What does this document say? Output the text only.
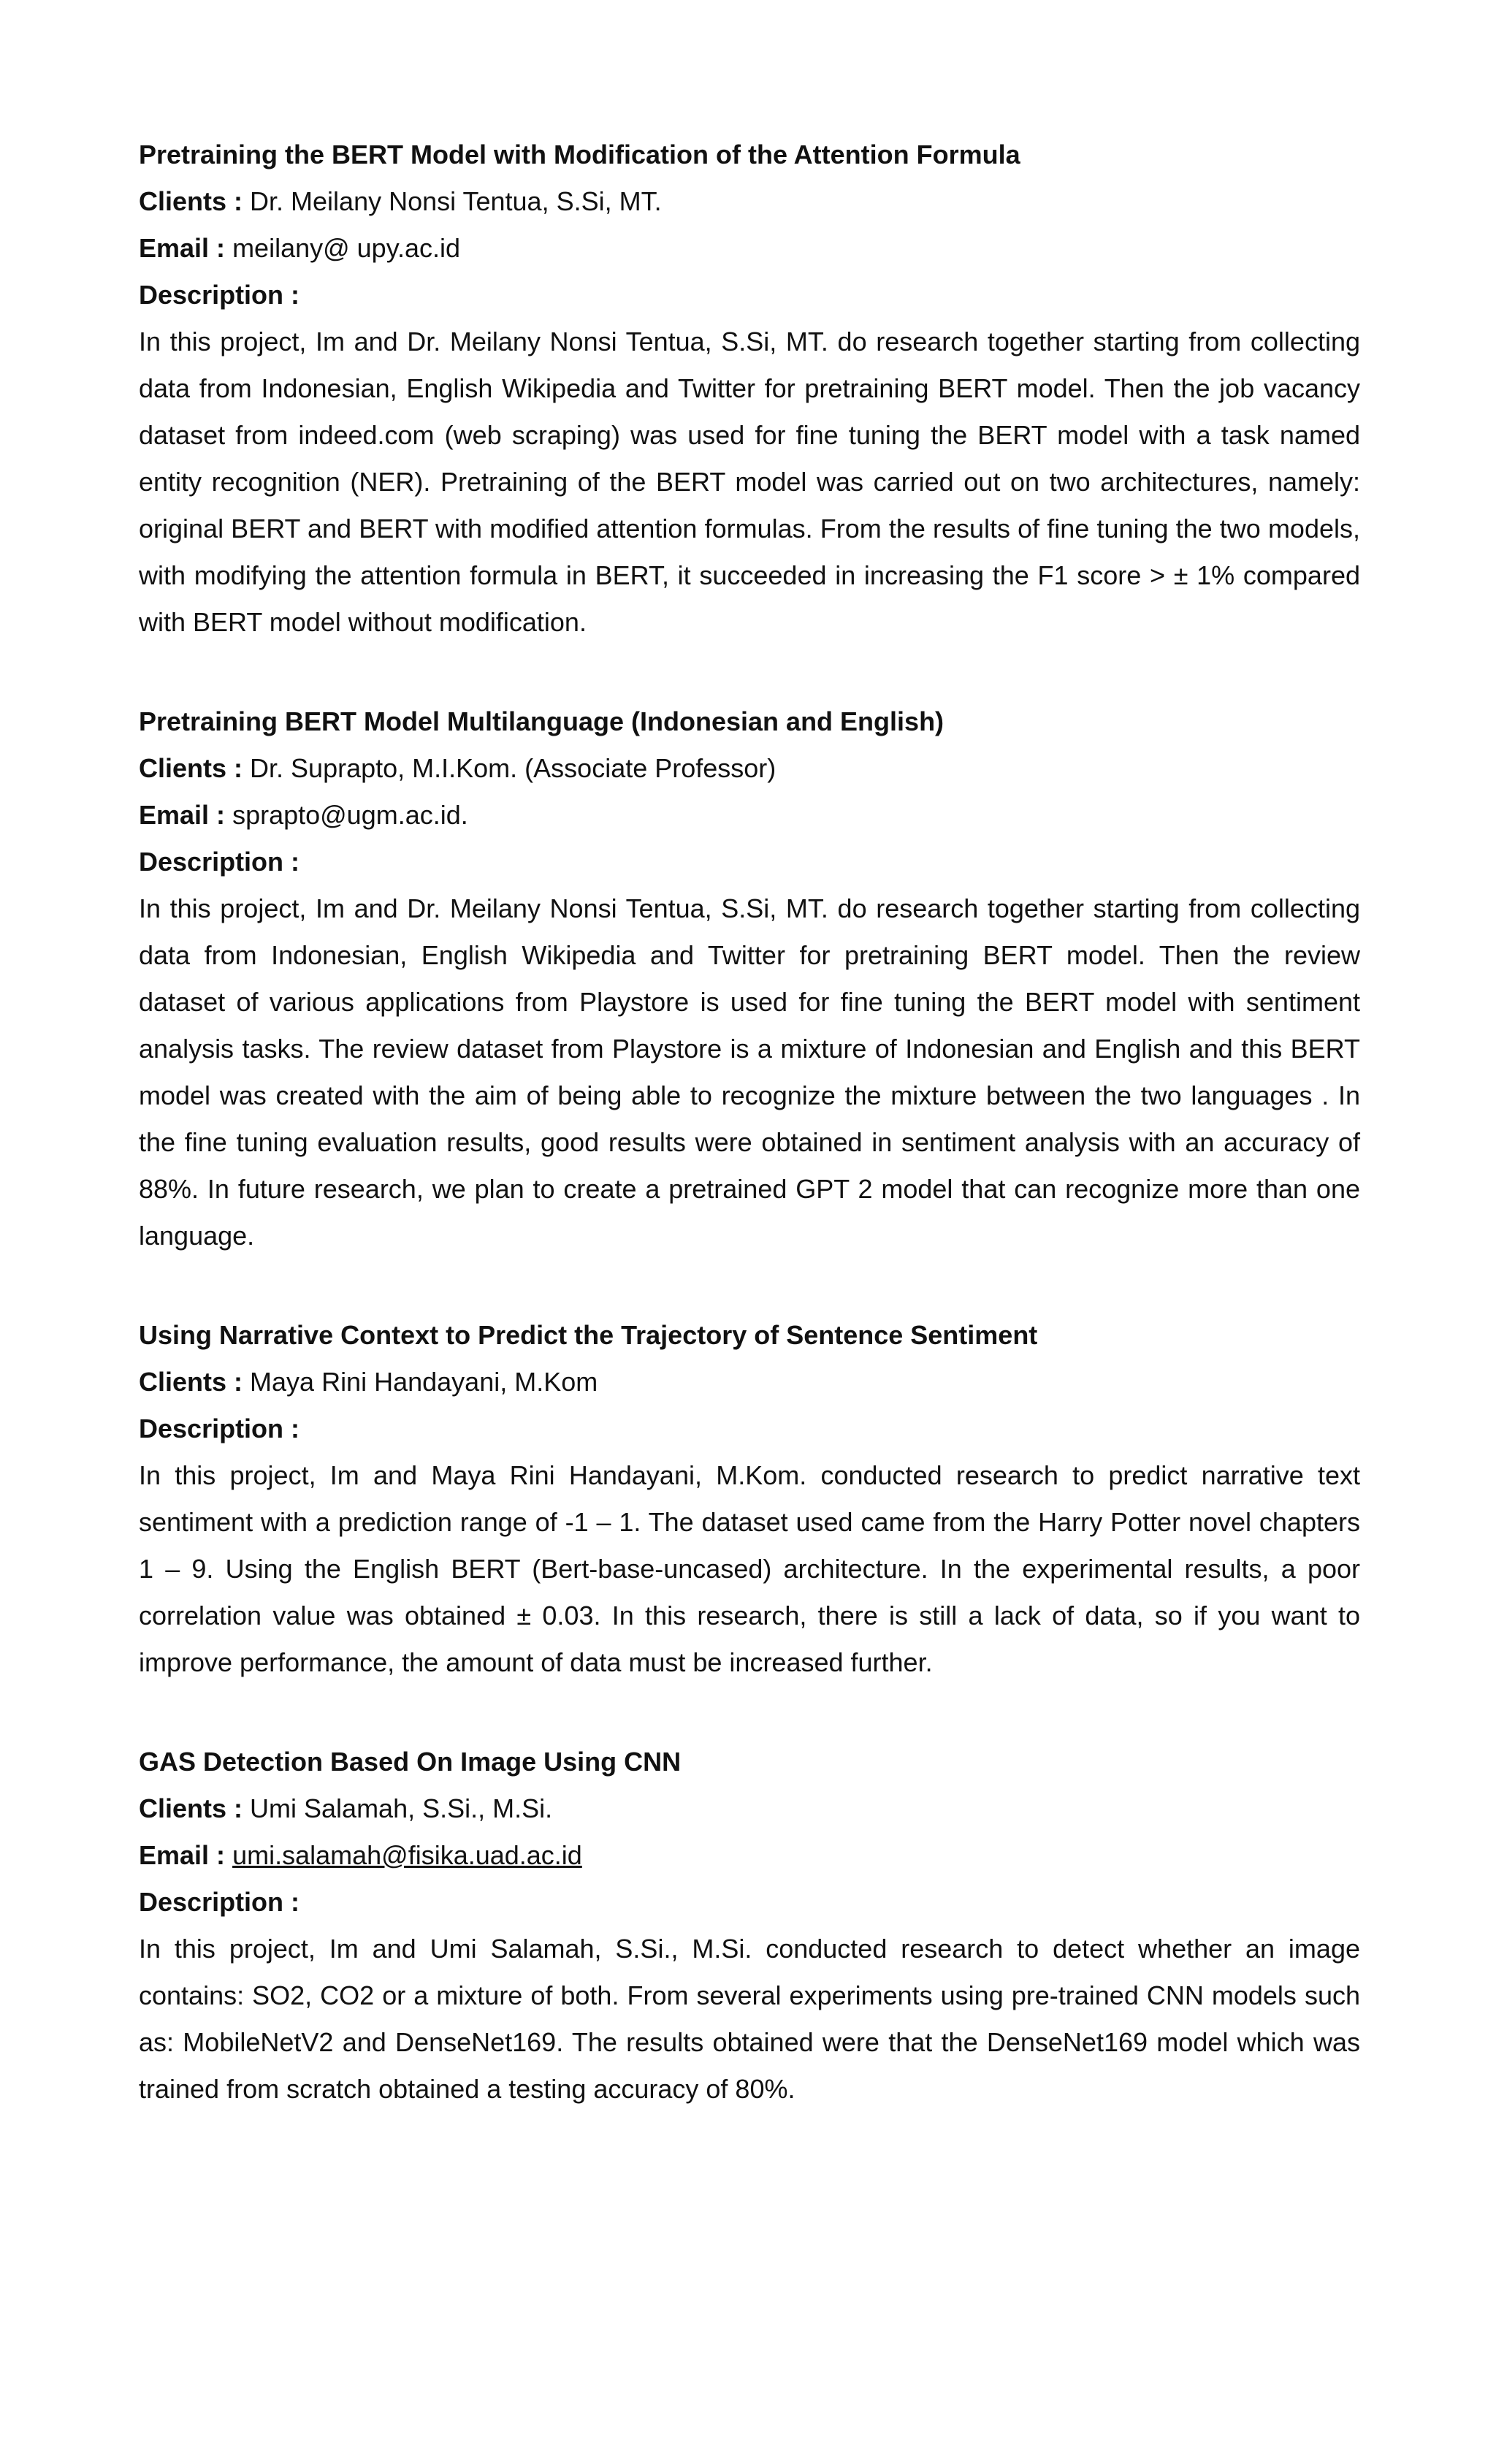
Pretraining the BERT Model with Modification of the Attention Formula

Clients : Dr. Meilany Nonsi Tentua, S.Si, MT.

Email : meilany@ upy.ac.id

Description :

In this project, Im and Dr. Meilany Nonsi Tentua, S.Si, MT. do research together starting from collecting data from Indonesian, English Wikipedia and Twitter for pretraining BERT model. Then the job vacancy dataset from indeed.com (web scraping) was used for fine tuning the BERT model with a task named entity recognition (NER). Pretraining of the BERT model was carried out on two architectures, namely: original BERT and BERT with modified attention formulas. From the results of fine tuning the two models, with modifying the attention formula in BERT, it succeeded in increasing the F1 score > ± 1% compared with BERT model without modification.

Pretraining BERT Model Multilanguage (Indonesian and English)

Clients : Dr. Suprapto, M.I.Kom. (Associate Professor)

Email : sprapto@ugm.ac.id.

Description :

In this project, Im and Dr. Meilany Nonsi Tentua, S.Si, MT. do research together starting from collecting data from Indonesian, English Wikipedia and Twitter for pretraining BERT model. Then the review dataset of various applications from Playstore is used for fine tuning the BERT model with sentiment analysis tasks. The review dataset from Playstore is a mixture of Indonesian and English and this BERT model was created with the aim of being able to recognize the mixture between the two languages . In the fine tuning evaluation results, good results were obtained in sentiment analysis with an accuracy of 88%. In future research, we plan to create a pretrained GPT 2 model that can recognize more than one language.

Using Narrative Context to Predict the Trajectory of Sentence Sentiment

Clients : Maya Rini Handayani, M.Kom

Description :

In this project, Im and Maya Rini Handayani, M.Kom. conducted research to predict narrative text sentiment with a prediction range of -1 – 1. The dataset used came from the Harry Potter novel chapters 1 – 9. Using the English BERT (Bert-base-uncased) architecture. In the experimental results, a poor correlation value was obtained ± 0.03. In this research, there is still a lack of data, so if you want to improve performance, the amount of data must be increased further.

GAS Detection Based On Image Using CNN

Clients : Umi Salamah, S.Si., M.Si.

Email : umi.salamah@fisika.uad.ac.id

Description :

In this project, Im and Umi Salamah, S.Si., M.Si. conducted research to detect whether an image contains: SO2, CO2 or a mixture of both. From several experiments using pre-trained CNN models such as: MobileNetV2 and DenseNet169. The results obtained were that the DenseNet169 model which was trained from scratch obtained a testing accuracy of 80%.
